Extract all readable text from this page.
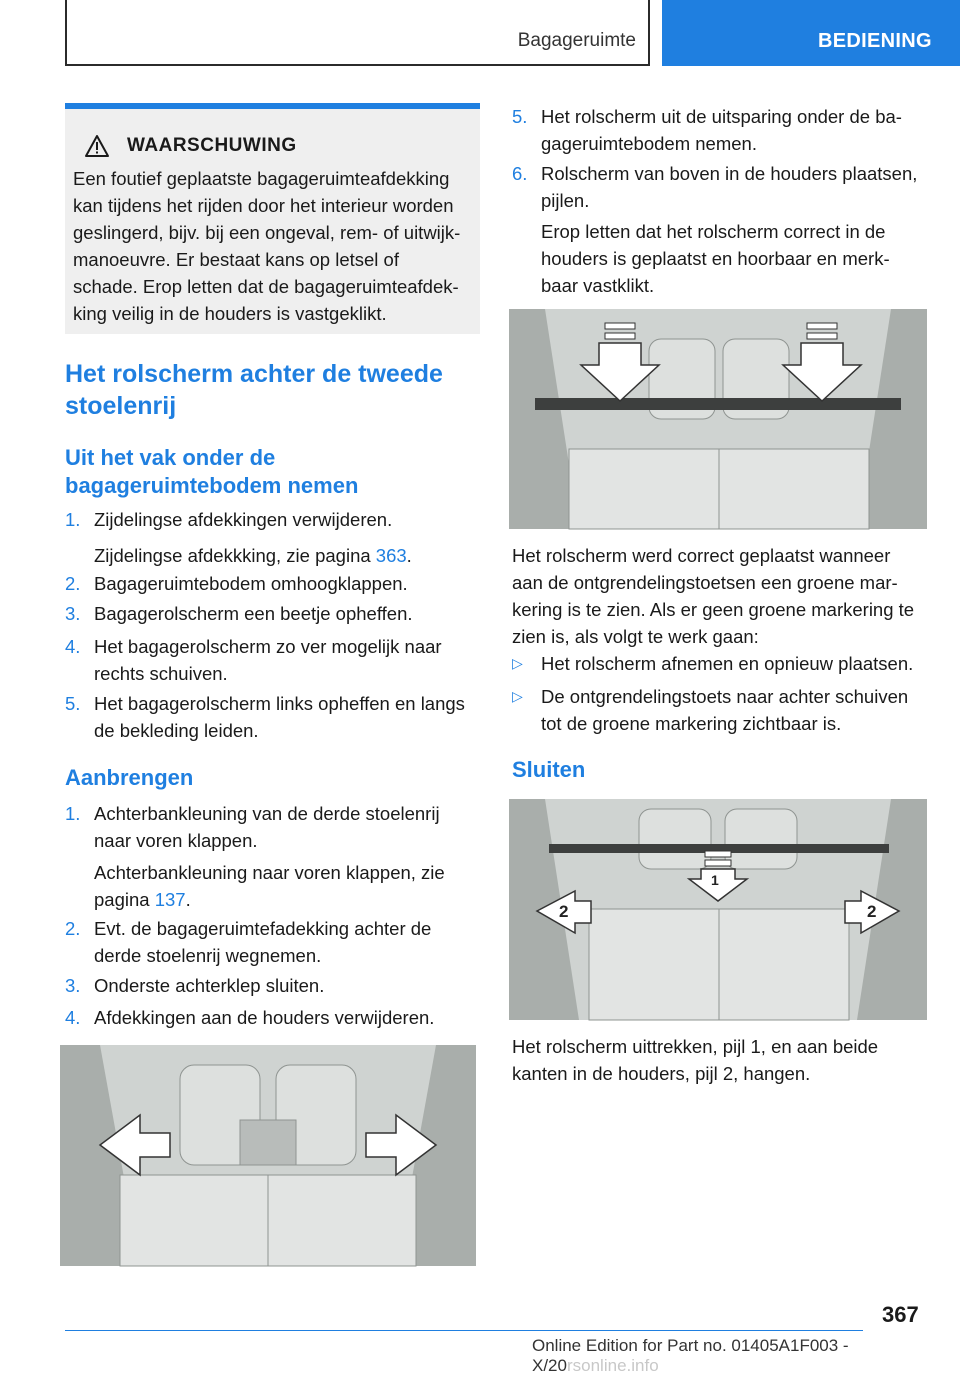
Bagageruimte	BEDIENING
WAARSCHUWING
Een foutief geplaatste bagageruimteafdekking
kan tijdens het rijden door het interieur worden
geslingerd, bijv. bij een ongeval, rem- of uitwijk‐
manoeuvre. Er bestaat kans op letsel of
schade. Erop letten dat de bagageruimteafdek‐
king veilig in de houders is vastgeklikt.
Het rolscherm achter de tweede
stoelenrij
Uit het vak onder de
bagageruimtebodem nemen
1. Zijdelingse afdekkingen verwijderen.
Zijdelingse afdekkking, zie pagina 363.
2. Bagageruimtebodem omhoogklappen.
3. Bagagerolscherm een beetje opheffen.
4. Het bagagerolscherm zo ver mogelijk naar
rechts schuiven.
5. Het bagagerolscherm links opheffen en langs
de bekleding leiden.
Aanbrengen
1. Achterbankleuning van de derde stoelenrij
naar voren klappen.
Achterbankleuning naar voren klappen, zie
pagina 137.
2. Evt. de bagageruimtefadekking achter de
derde stoelenrij wegnemen.
3. Onderste achterklep sluiten.
4. Afdekkingen aan de houders verwijderen.
5. Het rolscherm uit de uitsparing onder de ba‐
gageruimtebodem nemen.
6. Rolscherm van boven in de houders plaatsen,
pijlen.
Erop letten dat het rolscherm correct in de
houders is geplaatst en hoorbaar en merk‐
baar vastklikt.
Het rolscherm werd correct geplaatst wanneer
aan de ontgrendelingstoetsen een groene mar‐
kering is te zien. Als er geen groene markering te
zien is, als volgt te werk gaan:
▷ Het rolscherm afnemen en opnieuw plaatsen.
▷ De ontgrendelingstoets naar achter schuiven
tot de groene markering zichtbaar is.
Sluiten
1
2	2
Het rolscherm uittrekken, pijl 1, en aan beide
kanten in de houders, pijl 2, hangen.
367
Online Edition for Part no. 01405A1F003 - X/20rsonline.info
